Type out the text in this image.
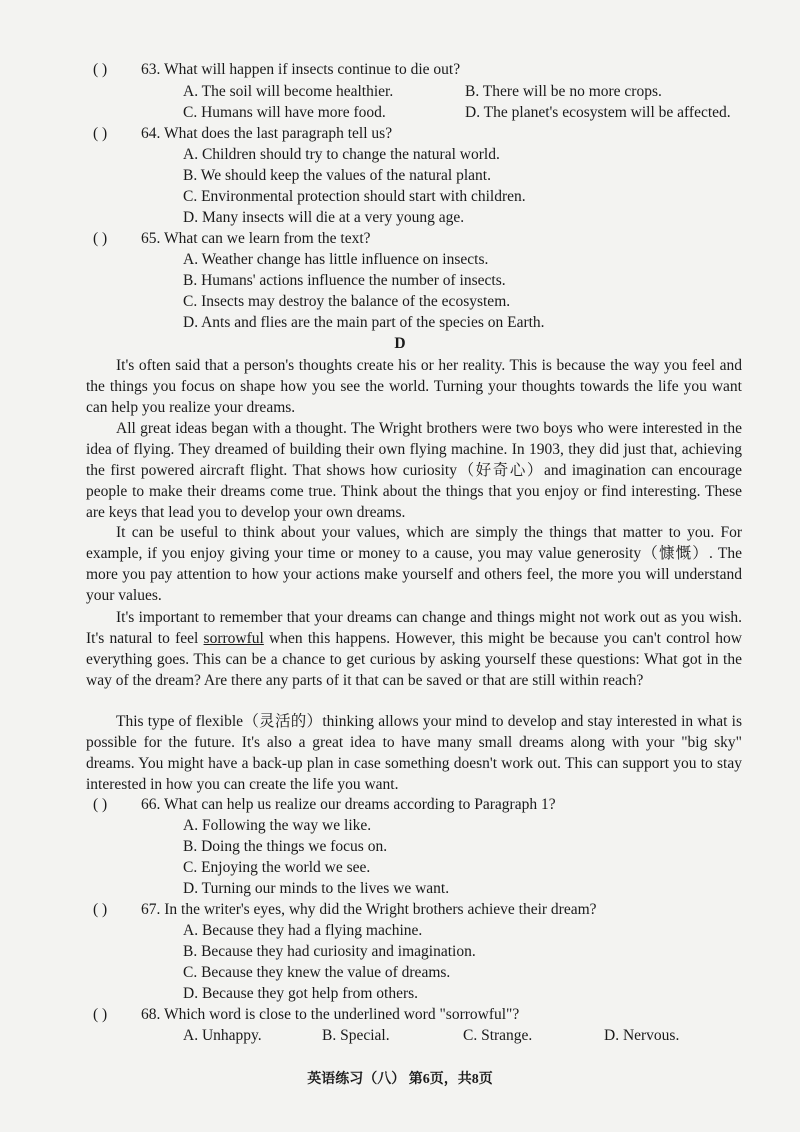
( ) 63. What will happen if insects continue to die out?
A. The soil will become healthier.	B. There will be no more crops.
C. Humans will have more food.	D. The planet's ecosystem will be affected.
( ) 64. What does the last paragraph tell us?
A. Children should try to change the natural world.
B. We should keep the values of the natural plant.
C. Environmental protection should start with children.
D. Many insects will die at a very young age.
( ) 65. What can we learn from the text?
A. Weather change has little influence on insects.
B. Humans' actions influence the number of insects.
C. Insects may destroy the balance of the ecosystem.
D. Ants and flies are the main part of the species on Earth.
D
It's often said that a person's thoughts create his or her reality. This is because the way you feel and the things you focus on shape how you see the world. Turning your thoughts towards the life you want can help you realize your dreams.
All great ideas began with a thought. The Wright brothers were two boys who were interested in the idea of flying. They dreamed of building their own flying machine. In 1903, they did just that, achieving the first powered aircraft flight. That shows how curiosity（好奇心）and imagination can encourage people to make their dreams come true. Think about the things that you enjoy or find interesting. These are keys that lead you to develop your own dreams.
It can be useful to think about your values, which are simply the things that matter to you. For example, if you enjoy giving your time or money to a cause, you may value generosity（慷慨）. The more you pay attention to how your actions make yourself and others feel, the more you will understand your values.
It's important to remember that your dreams can change and things might not work out as you wish. It's natural to feel sorrowful when this happens. However, this might be because you can't control how everything goes. This can be a chance to get curious by asking yourself these questions: What got in the way of the dream? Are there any parts of it that can be saved or that are still within reach?
This type of flexible（灵活的）thinking allows your mind to develop and stay interested in what is possible for the future. It's also a great idea to have many small dreams along with your "big sky" dreams. You might have a back-up plan in case something doesn't work out. This can support you to stay interested in how you can create the life you want.
( ) 66. What can help us realize our dreams according to Paragraph 1?
A. Following the way we like.
B. Doing the things we focus on.
C. Enjoying the world we see.
D. Turning our minds to the lives we want.
( ) 67. In the writer's eyes, why did the Wright brothers achieve their dream?
A. Because they had a flying machine.
B. Because they had curiosity and imagination.
C. Because they knew the value of dreams.
D. Because they got help from others.
( ) 68. Which word is close to the underlined word "sorrowful"?
A. Unhappy.	B. Special.	C. Strange.	D. Nervous.
英语练习（八） 第6页，共8页
